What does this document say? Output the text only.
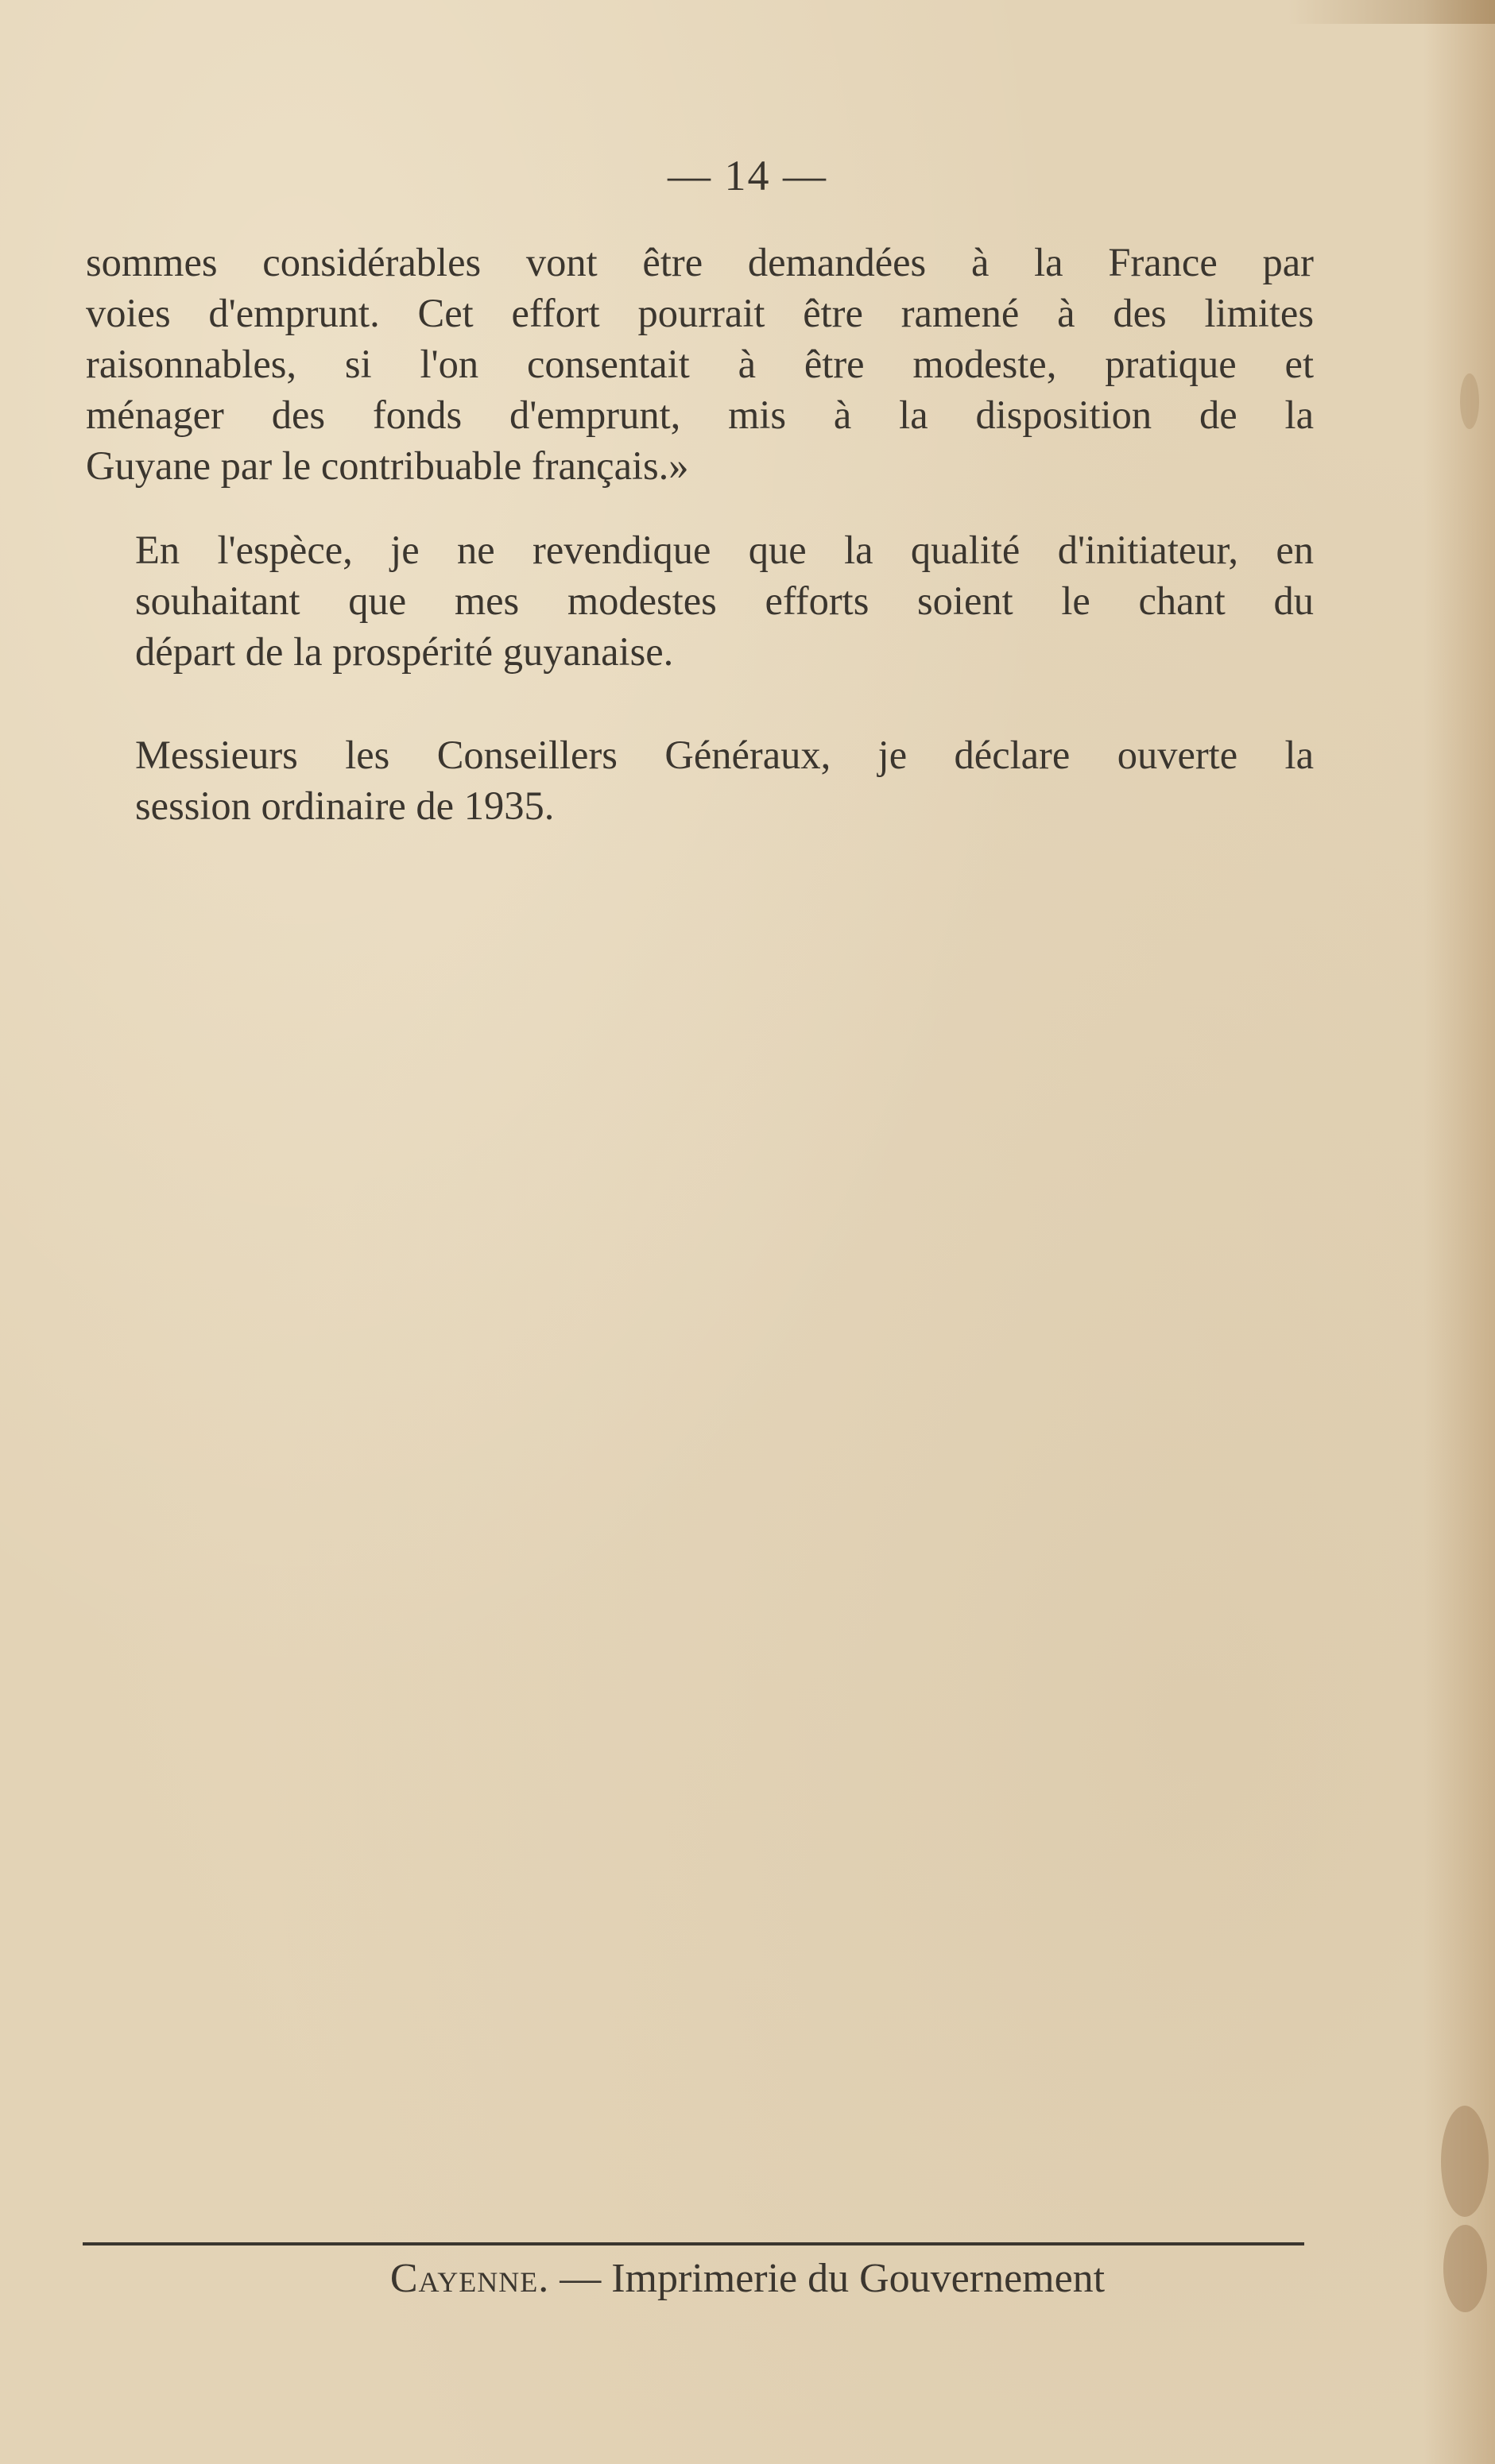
— 14 —
sommes considérables vont être demandées à la France par
voies d'emprunt. Cet effort pourrait être ramené à des limites
raisonnables, si l'on consentait à être modeste, pratique et
ménager des fonds d'emprunt, mis à la disposition de la
Guyane par le contribuable français.»
En l'espèce, je ne revendique que la qualité d'initiateur, en
souhaitant que mes modestes efforts soient le chant du
départ de la prospérité guyanaise.
Messieurs les Conseillers Généraux, je déclare ouverte la
session ordinaire de 1935.
Cayenne. — Imprimerie du Gouvernement
